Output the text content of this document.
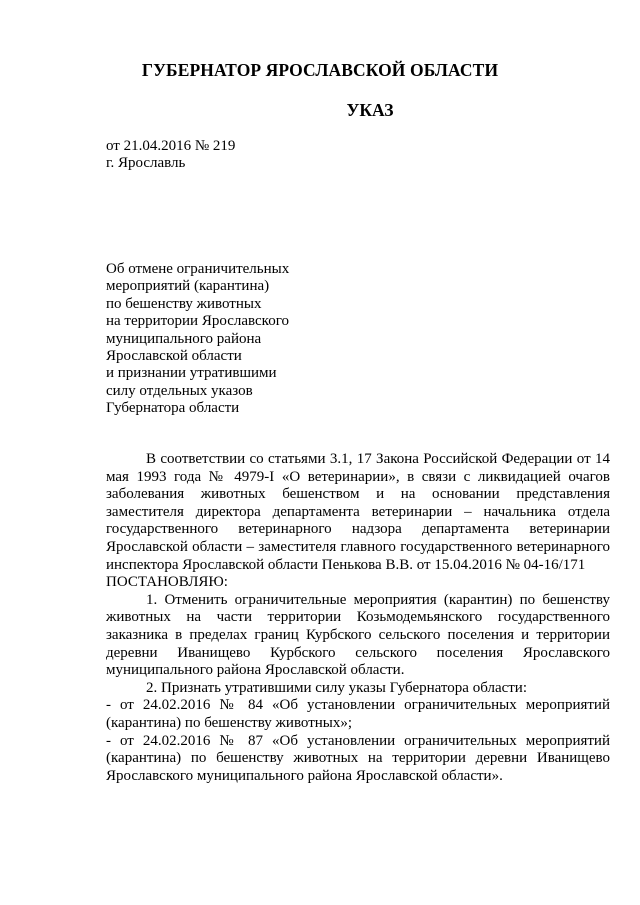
ГУБЕРНАТОР ЯРОСЛАВСКОЙ ОБЛАСТИ
УКАЗ
от 21.04.2016 № 219
г. Ярославль
Об отмене ограничительных
мероприятий (карантина)
по бешенству животных
на территории Ярославского
муниципального района
Ярославской области
и признании утратившими
силу отдельных указов
Губернатора области

В соответствии со статьями 3.1, 17 Закона Российской Федерации от 14 мая 1993 года № 4979-I «О ветеринарии», в связи с ликвидацией очагов заболевания животных бешенством и на основании представления заместителя директора департамента ветеринарии – начальника отдела государственного ветеринарного надзора департамента ветеринарии Ярославской области – заместителя главного государственного ветеринарного инспектора Ярославской области Пенькова В.В. от 15.04.2016 № 04-16/171

ПОСТАНОВЛЯЮ:

1. Отменить ограничительные мероприятия (карантин) по бешенству животных на части территории Козьмодемьянского государственного заказника в пределах границ Курбского сельского поселения и территории деревни Иванищево Курбского сельского поселения Ярославского муниципального района Ярославской области.

2. Признать утратившими силу указы Губернатора области:

- от 24.02.2016 № 84 «Об установлении ограничительных мероприятий (карантина) по бешенству животных»;

- от 24.02.2016 № 87 «Об установлении ограничительных мероприятий (карантина) по бешенству животных на территории деревни Иванищево Ярославского муниципального района Ярославской области».
